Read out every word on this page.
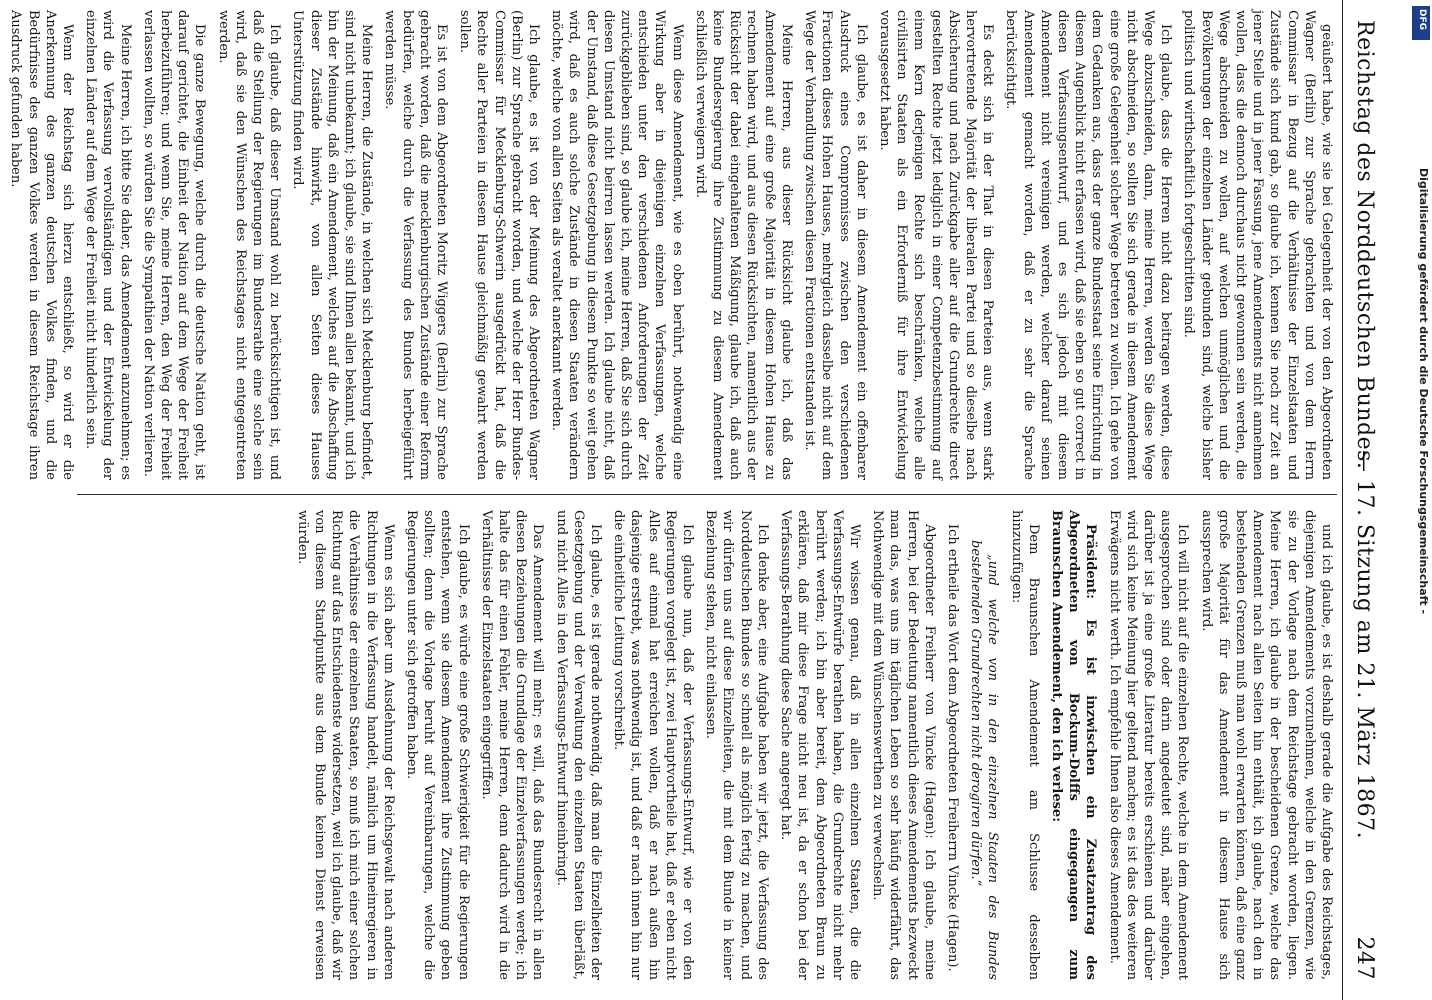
Reichstag des Norddeutschen Bundes.
— 17. Sitzung am 21. März 1867.
247

geäußert habe, wie sie bei Gelegenheit der von den Abgeordneten Wagner (Berlin) zur Sprache gebrachten und von dem Herrn Commissar in Bezug auf die Verhältnisse der Einzelstaaten und Zustände sich kund gab, so glaube ich, kennen Sie noch zur Zeit an jener Stelle und in jener Fassung, jene Amendements nicht annehmen wollen, dass die dennoch durchaus nicht gewonnen sein werden, die Wege abschneiden zu wollen, auf welchen unmöglichen und die Bevölkerungen der einzelnen Länder gebunden sind, welche bisher politisch und wirthschaftlich fortgeschritten sind.

Ich glaube, dass die Herren nicht dazu beitragen werden, diese Wege abzuschneiden, dann, meine Herren, werden Sie diese Wege nicht abschneiden, so sollten Sie sich gerade in diesem Amendement eine große Gelegenheit solcher Wege betreten zu wollen. Ich gehe von dem Gedanken aus, dass der ganze Bundesstaat seine Einrichtung in diesem Augenblick nicht erfassen wird, daß sie eben so gut correct in diesen Verfassungsentwurf, und es sich jedoch mit diesem Amendement nicht vereinigen werden, welcher darauf seinen Amendement gemacht worden, daß er zu sehr die Sprache berücksichtigt.

Es deckt sich in der That in diesen Parteien aus, wenn stark hervortretende Majorität der liberalen Partei und so dieselbe nach Absicherung und nach Zurückgabe aller auf die Grundrechte direct gestellten Rechte jetzt lediglich in einer Competenzbestimmung auf einem Kern derjenigen Rechte sich beschränken, welche alle civilisirten Staaten als ein Erforderniß für ihre Entwickelung vorausgesetzt haben.

Ich glaube, es ist daher in diesem Amendement ein offenbarer Ausdruck eines Compromisses zwischen den verschiedenen Fractionen dieses Hohen Hauses, mehrgleich dasselbe nicht auf dem Wege der Verhandlung zwischen diesen Fractionen entstanden ist.

Meine Herren, aus dieser Rücksicht glaube ich, daß das Amendement auf eine große Majorität in diesem Hohen Hause zu rechnen haben wird, und aus diesen Rücksichten, namentlich aus der Rücksicht der dabei eingehaltenen Mäßigung, glaube ich, daß auch keine Bundesregierung ihre Zustimmung zu diesem Amendement schließlich verweigern wird.

Wenn diese Amendement, wie es oben berührt, nothwendig eine Wirkung aber in diejenigen einzelnen Verfassungen, welche entschieden unter den verschiedenen Anforderungen der Zeit zurückgeblieben sind, so glaube ich, meine Herren, daß Sie sich durch diesen Umstand nicht beirren lassen werden. Ich glaube nicht, daß der Umstand, daß diese Gesetzgebung in diesem Punkte so weit gehen wird, daß es auch solche Zustände in diesen Staaten verändern möchte, welche von allen Seiten als veraltet anerkannt werden.

Ich glaube, es ist von der Meinung des Abgeordneten Wagner (Berlin) zur Sprache gebracht worden, und welche der Herr Bundes-Commissar für Mecklenburg-Schwerin ausgedrückt hat, daß die Rechte aller Parteien in diesem Hause gleichmäßig gewahrt werden sollen.

Es ist von dem Abgeordneten Moritz Wiggers (Berlin) zur Sprache gebracht worden, daß die mecklenburgischen Zustände einer Reform bedürfen, welche durch die Verfassung des Bundes herbeigeführt werden müsse.

Meine Herren, die Zustände, in welchen sich Mecklenburg befindet, sind nicht unbekannt; ich glaube, sie sind Ihnen allen bekannt, und ich bin der Meinung, daß ein Amendement, welches auf die Abschaffung dieser Zustände hinwirkt, von allen Seiten dieses Hauses Unterstützung finden wird.

Ich glaube, daß dieser Umstand wohl zu berücksichtigen ist, und daß die Stellung der Regierungen im Bundesrathe eine solche sein wird, daß sie den Wünschen des Reichstages nicht entgegentreten werden.

Die ganze Bewegung, welche durch die deutsche Nation geht, ist darauf gerichtet, die Einheit der Nation auf dem Wege der Freiheit herbeizuführen; und wenn Sie, meine Herren, den Weg der Freiheit verlassen wollten, so würden Sie die Sympathien der Nation verlieren.

Meine Herren, ich bitte Sie daher, das Amendement anzunehmen; es wird die Verfassung vervollständigen und der Entwickelung der einzelnen Länder auf dem Wege der Freiheit nicht hinderlich sein.

Wenn der Reichstag sich hierzu entschließt, so wird er die Anerkennung des ganzen deutschen Volkes finden, und die Bedürfnisse des ganzen Volkes werden in diesem Reichstage ihren Ausdruck gefunden haben.

und ich glaube, es ist deshalb gerade die Aufgabe des Reichstages, diejenigen Amendements vorzunehmen, welche in den Grenzen, wie sie zu der Vorlage nach dem Reichstage gebracht worden, liegen. Meine Herren, ich glaube in der bescheidenen Grenze, welche das Amendement nach allen Seiten hin enthält, ich glaube, nach den in bestehenden Grenzen muß man wohl erwarten können, daß eine ganz große Majorität für das Amendement in diesem Hause sich aussprechen wird.

Ich will nicht auf die einzelnen Rechte, welche in dem Amendement ausgesprochen sind oder darin angedeutet sind, näher eingehen, darüber ist ja eine große Literatur bereits erschienen und darüber wird sich keine Meinung hier geltend machen; es ist das des weiteren Erwägens nicht werth. Ich empfehle Ihnen also dieses Amendement.

Präsident: Es ist inzwischen ein Zusatzantrag des Abgeordneten von Bockum-Dolffs eingegangen zum Braunschen Amendement, den ich verlese:

Dem Braunschen Amendement am Schlusse desselben hinzuzufügen:

„und welche von in den einzelnen Staaten des Bundes bestehenden Grundrechten nicht derogiren dürfen.“

Ich ertheile das Wort dem Abgeordneten Freiherrn Vincke (Hagen).

Abgeordneter Freiherr von Vincke (Hagen): Ich glaube, meine Herren, bei der Bedeutung namentlich dieses Amendements bezweckt man das, was uns im täglichen Leben so sehr häufig widerfährt, das Nothwendige mit dem Wünschenswerthen zu verwechseln.

Wir wissen genau, daß in allen einzelnen Staaten, die die Verfassungs-Entwürfe berathen haben, die Grundrechte nicht mehr berührt werden; ich bin aber bereit, dem Abgeordneten Braun zu erklären, daß mir diese Frage nicht neu ist, da er schon bei der Verfassungs-Berathung diese Sache angeregt hat.

Ich denke aber, eine Aufgabe haben wir jetzt, die Verfassung des Norddeutschen Bundes so schnell als möglich fertig zu machen, und wir dürfen uns auf diese Einzelheiten, die mit dem Bunde in keiner Beziehung stehen, nicht einlassen.

Ich glaube nun, daß der Verfassungs-Entwurf, wie er von den Regierungen vorgelegt ist, zwei Hauptvortheile hat, daß er eben nicht Alles auf einmal hat erreichen wollen, daß er nach außen hin dasjenige erstrebt, was nothwendig ist, und daß er nach innen hin nur die einheitliche Leitung vorschreibt.

Ich glaube, es ist gerade nothwendig, daß man die Einzelheiten der Gesetzgebung und der Verwaltung den einzelnen Staaten überläßt, und nicht Alles in den Verfassungs-Entwurf hineinbringt.

Das Amendement will mehr; es will, daß das Bundesrecht in allen diesen Beziehungen die Grundlage der Einzelverfassungen werde; ich halte das für einen Fehler, meine Herren, denn dadurch wird in die Verhältnisse der Einzelstaaten eingegriffen.

Ich glaube, es würde eine große Schwierigkeit für die Regierungen entstehen, wenn sie diesem Amendement ihre Zustimmung geben sollten; denn die Vorlage beruht auf Vereinbarungen, welche die Regierungen unter sich getroffen haben.

Wenn es sich aber um Ausdehnung der Reichsgewalt nach anderen Richtungen in die Verfassung handelt, nämlich um Hineinregieren in die Verhältnisse der einzelnen Staaten, so muß ich mich einer solchen Richtung auf das Entschiedenste widersetzen, weil ich glaube, daß wir von diesem Standpunkte aus dem Bunde keinen Dienst erweisen würden.	Digitalisierung gefördert durch die Deutsche Forschungsgemeinschaft -
DFG
